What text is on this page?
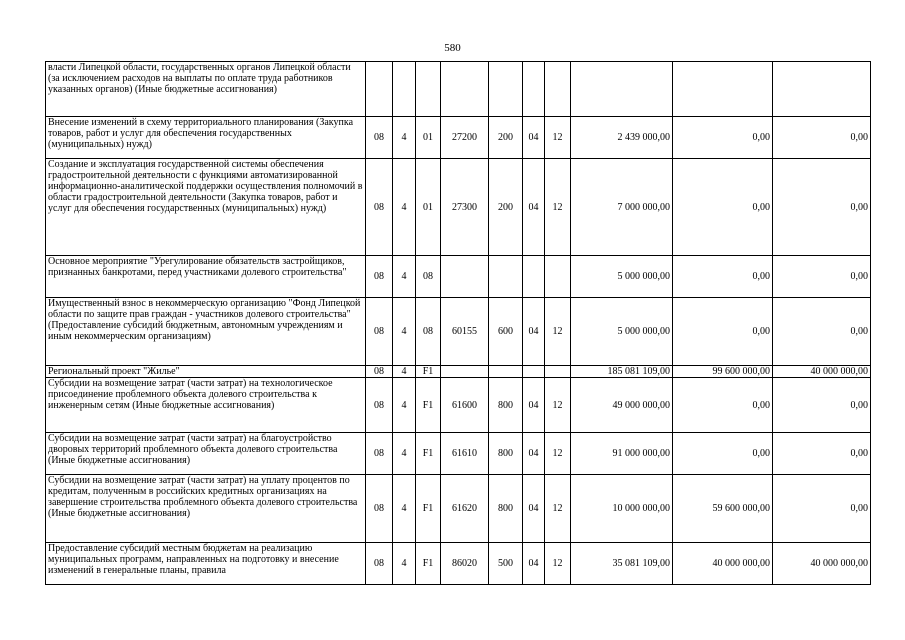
580
власти Липецкой области, государственных органов Липецкой области (за исключением расходов на выплаты по оплате труда работников указанных органов) (Иные бюджетные ассигнования)										
Внесение изменений в схему территориального планирования (Закупка товаров, работ и услуг для обеспечения государственных (муниципальных) нужд)	08	4	01	27200	200	04	12	2 439 000,00	0,00	0,00
Создание и эксплуатация государственной системы обеспечения градостроительной деятельности с функциями автоматизированной информационно-аналитической поддержки осуществления полномочий в области градостроительной деятельности (Закупка товаров, работ и услуг для обеспечения государственных (муниципальных) нужд)	08	4	01	27300	200	04	12	7 000 000,00	0,00	0,00
Основное мероприятие "Урегулирование обязательств застройщиков, признанных банкротами, перед участниками долевого строительства"	08	4	08					5 000 000,00	0,00	0,00
Имущественный взнос в некоммерческую организацию "Фонд Липецкой области по защите прав граждан - участников долевого строительства" (Предоставление субсидий бюджетным, автономным учреждениям и иным некоммерческим организациям)	08	4	08	60155	600	04	12	5 000 000,00	0,00	0,00
Региональный проект "Жилье"	08	4	F1					185 081 109,00	99 600 000,00	40 000 000,00
Субсидии на возмещение затрат (части затрат) на технологическое присоединение проблемного объекта долевого строительства к инженерным сетям (Иные бюджетные ассигнования)	08	4	F1	61600	800	04	12	49 000 000,00	0,00	0,00
Субсидии на возмещение затрат (части затрат) на благоустройство дворовых территорий проблемного объекта долевого строительства (Иные бюджетные ассигнования)	08	4	F1	61610	800	04	12	91 000 000,00	0,00	0,00
Субсидии на возмещение затрат (части затрат) на уплату процентов по кредитам, полученным в российских кредитных организациях на завершение строительства проблемного объекта долевого строительства (Иные бюджетные ассигнования)	08	4	F1	61620	800	04	12	10 000 000,00	59 600 000,00	0,00
Предоставление субсидий местным бюджетам на реализацию муниципальных программ, направленных на подготовку и внесение изменений в генеральные планы, правила	08	4	F1	86020	500	04	12	35 081 109,00	40 000 000,00	40 000 000,00
